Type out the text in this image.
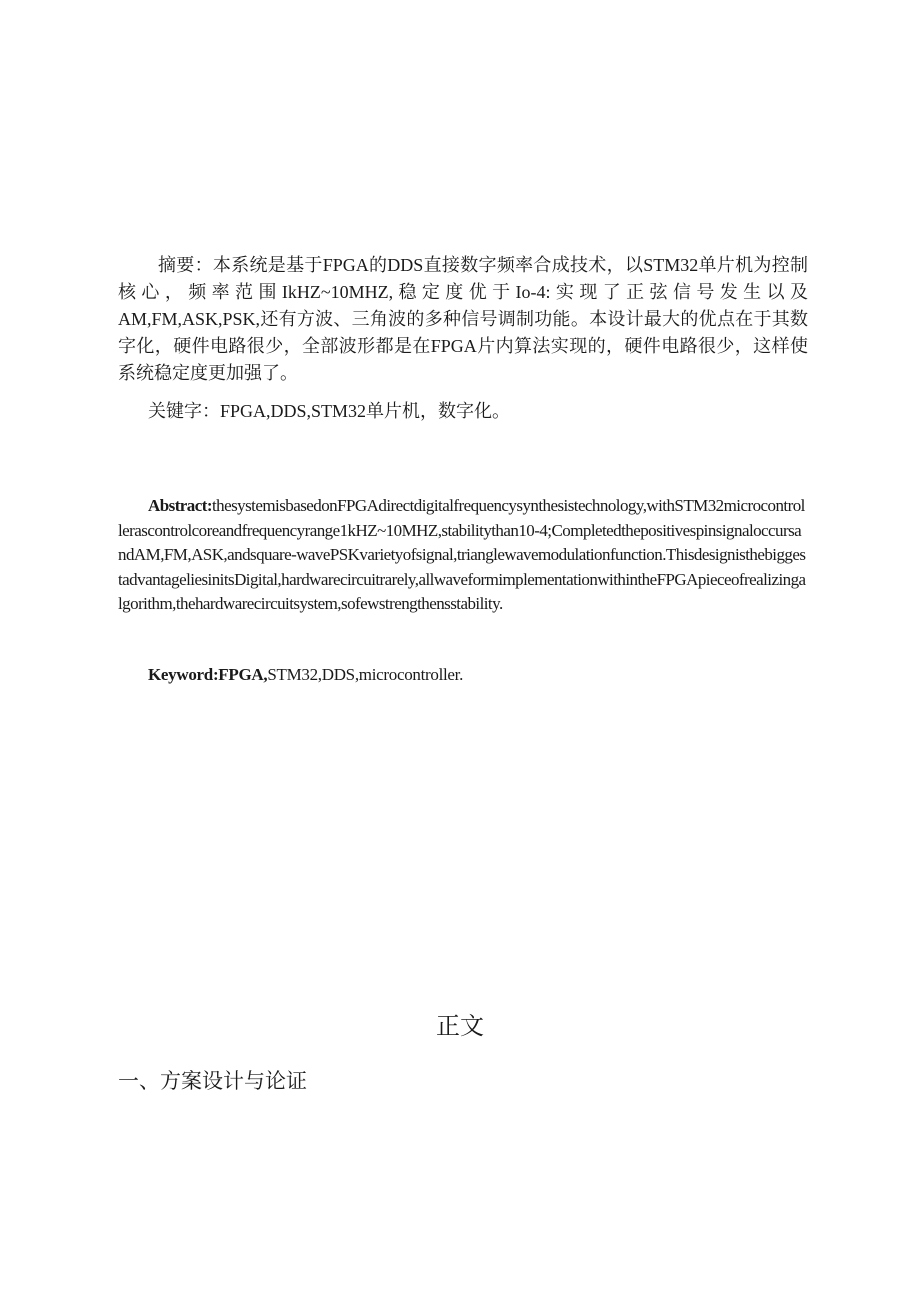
摘要：本系统是基于FPGA的DDS直接数字频率合成技术，以STM32单片机为控制核心，频率范围IkHZ~10MHZ,稳定度优于Io-4:实现了正弦信号发生以及AM,FM,ASK,PSK,还有方波、三角波的多种信号调制功能。本设计最大的优点在于其数字化，硬件电路很少，全部波形都是在FPGA片内算法实现的，硬件电路很少，这样使系统稳定度更加强了。
关键字：FPGA,DDS,STM32单片机，数字化。
Abstract:thesystemisbasedonFPGAdirectdigitalfrequencysynthesistechnology,withSTM32microcontrollerascontrolcoreandfrequencyrange1kHZ~10MHZ,stabilitythan10-4;CompletedthepositivespinsignaloccursandAM,FM,ASK,andsquare-wavePSKvarietyofsignal,trianglewavemodulationfunction.ThisdesignisthebiggestadvantageliesinitsDigital,hardwarecircuitrarely,allwaveformimplementationwithintheFPGApieceofrealizingalgorithm,thehardwarecircuitsystem,sofewstrengthensstability.
Keyword:FPGA,STM32,DDS,microcontroller.
正文
一、方案设计与论证
